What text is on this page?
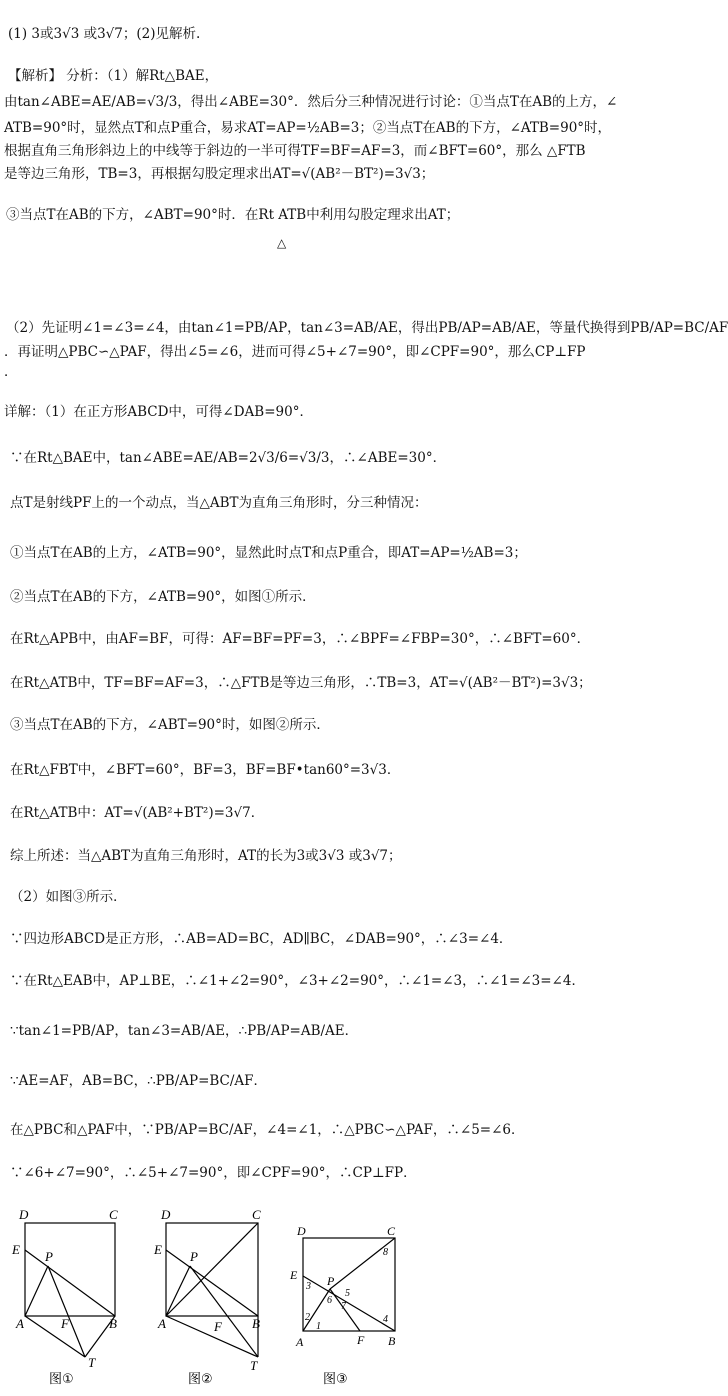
(1) 3或3√3 或3√7；(2)见解析.
【解析】 分析：（1）解Rt△BAE，
由tan∠ABE=AE/AB=√3/3，得出∠ABE=30°．然后分三种情况进行讨论：①当点T在AB的上方，∠
ATB=90°时，显然点T和点P重合，易求AT=AP=½AB=3；②当点T在AB的下方，∠ATB=90°时，
根据直角三角形斜边上的中线等于斜边的一半可得TF=BF=AF=3，而∠BFT=60°，那么 △FTB
是等边三角形，TB=3，再根据勾股定理求出AT=√(AB²－BT²)=3√3；
③当点T在AB的下方，∠ABT=90°时．在Rt ATB中利用勾股定理求出AT；
△
（2）先证明∠1=∠3=∠4，由tan∠1=PB/AP，tan∠3=AB/AE，得出PB/AP=AB/AE，等量代换得到PB/AP=BC/AF
．再证明△PBC∽△PAF，得出∠5=∠6，进而可得∠5+∠7=90°，即∠CPF=90°，那么CP⊥FP
．
详解：（1）在正方形ABCD中，可得∠DAB=90°．
∵在Rt△BAE中，tan∠ABE=AE/AB=2√3/6=√3/3，∴∠ABE=30°．
点T是射线PF上的一个动点，当△ABT为直角三角形时，分三种情况：
①当点T在AB的上方，∠ATB=90°，显然此时点T和点P重合，即AT=AP=½AB=3；
②当点T在AB的下方，∠ATB=90°，如图①所示．
在Rt△APB中，由AF=BF，可得：AF=BF=PF=3，∴∠BPF=∠FBP=30°，∴∠BFT=60°．
在Rt△ATB中，TF=BF=AF=3，∴△FTB是等边三角形，∴TB=3，AT=√(AB²－BT²)=3√3；
③当点T在AB的下方，∠ABT=90°时，如图②所示．
在Rt△FBT中，∠BFT=60°，BF=3，BF=BF•tan60°=3√3．
在Rt△ATB中：AT=√(AB²+BT²)=3√7．
综上所述：当△ABT为直角三角形时，AT的长为3或3√3 或3√7；
（2）如图③所示．
∵四边形ABCD是正方形，∴AB=AD=BC，AD∥BC，∠DAB=90°，∴∠3=∠4．
∵在Rt△EAB中，AP⊥BE，∴∠1+∠2=90°，∠3+∠2=90°，∴∠1=∠3，∴∠1=∠3=∠4．
∵tan∠1=PB/AP，tan∠3=AB/AE，∴PB/AP=AB/AE．
∵AE=AF，AB=BC，∴PB/AP=BC/AF．
在△PBC和△PAF中，∵PB/AP=BC/AF，∠4=∠1，∴△PBC∽△PAF，∴∠5=∠6．
∵∠6+∠7=90°，∴∠5+∠7=90°，即∠CPF=90°，∴CP⊥FP．
D	C
E P
A	F	B
T
图①
D	C
E P
A	F B
T
图②
D	C
E P
A	F B
3
2
1
6
5
7
8
4
图③
